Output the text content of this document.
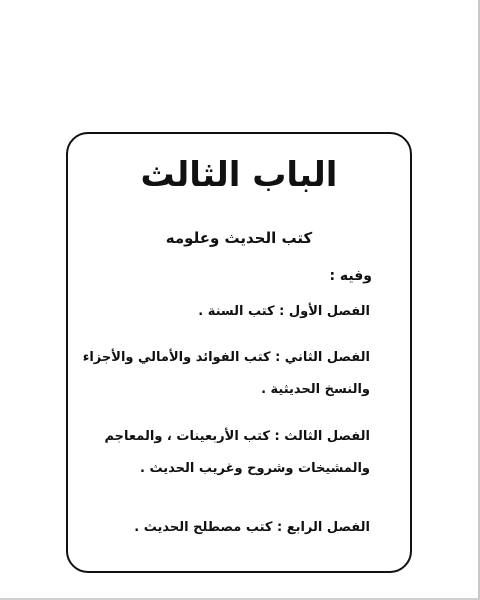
الباب الثالث
كتب الحديث وعلومه
وفيه :
الفصل الأول : كتب السنة .
الفصل الثاني : كتب الفوائد والأمالي والأجزاء
والنسخ الحديثية .
الفصل الثالث : كتب الأربعينات ، والمعاجم
والمشيخات وشروح وغريب الحديث .
الفصل الرابع : كتب مصطلح الحديث .
